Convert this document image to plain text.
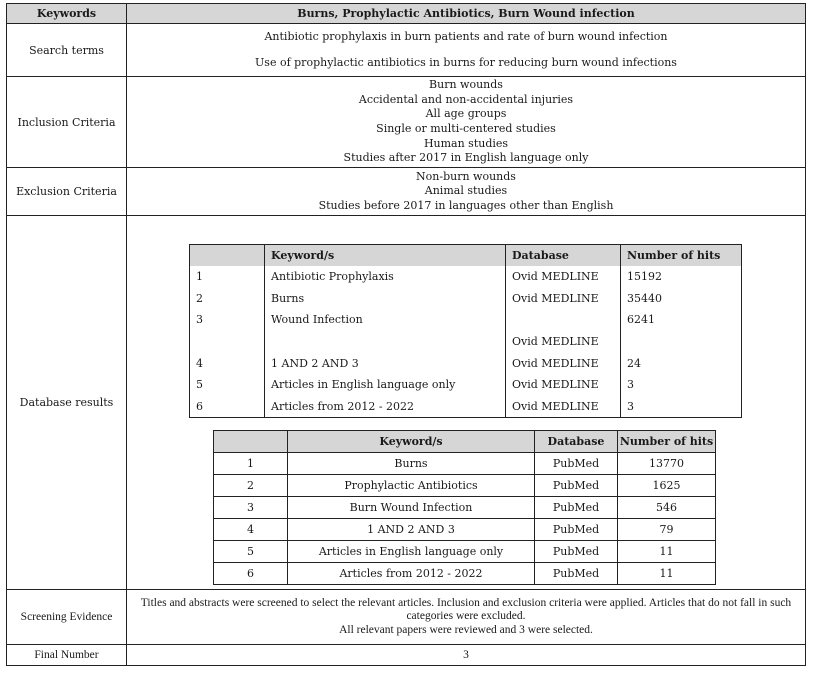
Keywords	Burns, Prophylactic Antibiotics, Burn Wound infection
Search terms	
Antibiotic prophylaxis in burn patients and rate of burn wound infection
Use of prophylactic antibiotics in burns for reducing burn wound infections

Inclusion Criteria	
Burn wounds
Accidental and non-accidental injuries
All age groups
Single or multi-centered studies
Human studies
Studies after 2017 in English language only

Exclusion Criteria	
Non-burn wounds
Animal studies
Studies before 2017 in languages other than English

Database results	
	Keyword/s	Database	Number of hits
1	Antibiotic Prophylaxis	Ovid MEDLINE	15192
2	Burns	Ovid MEDLINE	35440
3	Wound Infection		6241
		Ovid MEDLINE	
4	1 AND 2 AND 3	Ovid MEDLINE	24
5	Articles in English language only	Ovid MEDLINE	3
6	Articles from 2012 - 2022	Ovid MEDLINE	3
	Keyword/s	Database	Number of hits
1	Burns	PubMed	13770
2	Prophylactic Antibiotics	PubMed	1625
3	Burn Wound Infection	PubMed	546
4	1 AND 2 AND 3	PubMed	79
5	Articles in English language only	PubMed	11
6	Articles from 2012 - 2022	PubMed	11

Screening Evidence	
Titles and abstracts were screened to select the relevant articles. Inclusion and exclusion criteria were applied. Articles that do not fall in such categories were excluded.
All relevant papers were reviewed and 3 were selected.

Final Number	3
